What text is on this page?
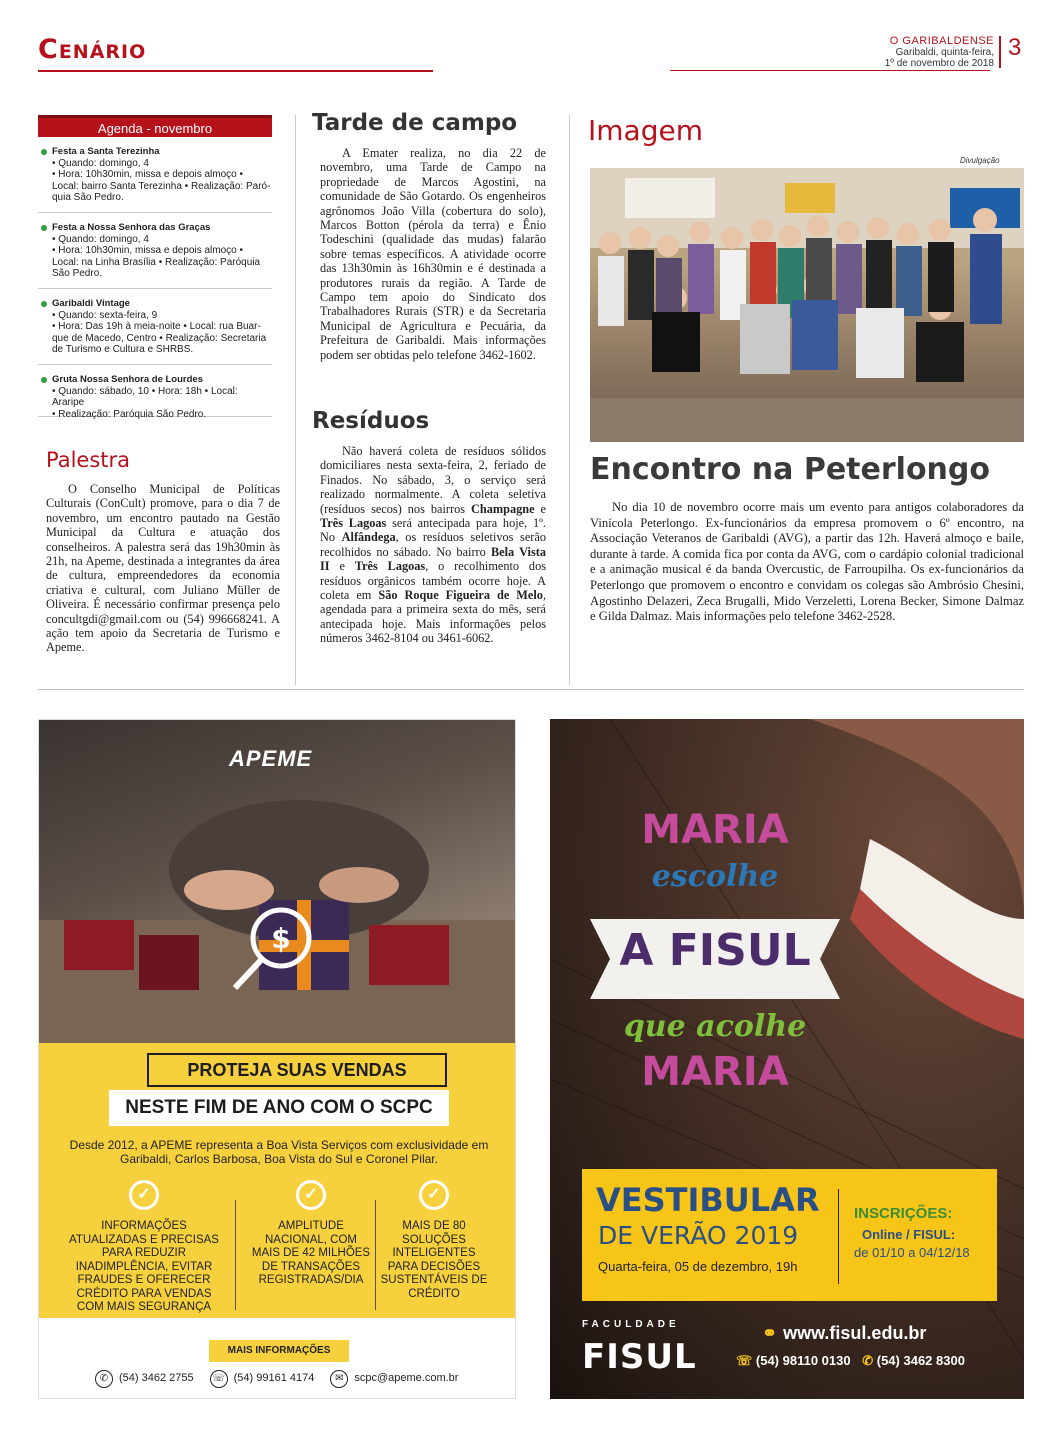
Cenário	O GARIBALDENSE
Garibaldi, quinta-feira,
1º de novembro de 2018
3
Agenda - novembro
Festa a Santa Terezinha
• Quando: domingo, 4
• Hora: 10h30min, missa e depois almoço •
Local: bairro Santa Terezinha • Realização: Paró-
quia São Pedro.
Festa a Nossa Senhora das Graças
• Quando: domingo, 4
• Hora: 10h30min, missa e depois almoço •
Local: na Linha Brasília • Realização: Paróquia
São Pedro.
Garibaldi Vintage
• Quando: sexta-feira, 9
• Hora: Das 19h à meia-noite • Local: rua Buar-
que de Macedo, Centro • Realização: Secretaria
de Turismo e Cultura e SHRBS.
Gruta Nossa Senhora de Lourdes
• Quando: sábado, 10 • Hora: 18h • Local: Araripe
• Realização: Paróquia São Pedro.
Palestra

O Conselho Municipal de Políticas Culturais (ConCult) promove, para o dia 7 de novembro, um encontro pautado na Gestão Municipal da Cultura e atuação dos conselheiros. A palestra será das 19h30min às 21h, na Apeme, destinada a integrantes da área de cultura, empreendedores da economia criativa e cultural, com Juliano Müller de Oliveira. É necessário confirmar presença pelo concultgdi@gmail.com ou (54) 996668241. A ação tem apoio da Secretaria de Turismo e Apeme.

Tarde de campo

A Emater realiza, no dia 22 de novembro, uma Tarde de Campo na propriedade de Marcos Agostini, na comunidade de São Gotardo. Os engenheiros agrônomos João Villa (cobertura do solo), Marcos Botton (pérola da terra) e Ênio Todeschini (qualidade das mudas) falarão sobre temas específicos. A atividade ocorre das 13h30min às 16h30min e é destinada a produtores rurais da região. A Tarde de Campo tem apoio do Sindicato dos Trabalhadores Rurais (STR) e da Secretaria Municipal de Agricultura e Pecuária, da Prefeitura de Garibaldi. Mais informações podem ser obtidas pelo telefone 3462-1602.

Resíduos

Não haverá coleta de resíduos sólidos domiciliares nesta sexta-feira, 2, feriado de Finados. No sábado, 3, o serviço será realizado normalmente. A coleta seletiva (resíduos secos) nos bairros Champagne e Três Lagoas será antecipada para hoje, 1º. No Alfândega, os resíduos seletivos serão recolhidos no sábado. No bairro Bela Vista II e Três Lagoas, o recolhimento dos resíduos orgânicos também ocorre hoje. A coleta em São Roque Figueira de Melo, agendada para a primeira sexta do mês, será antecipada hoje. Mais informações pelos números 3462-8104 ou 3461-6062.

Imagem
Divulgação
Encontro na Peterlongo

No dia 10 de novembro ocorre mais um evento para antigos colaboradores da Vinícola Peterlongo. Ex-funcionários da empresa promovem o 6º encontro, na Associação Veteranos de Garibaldi (AVG), a partir das 12h. Haverá almoço e baile, durante à tarde. A comida fica por conta da AVG, com o cardápio colonial tradicional e a animação musical é da banda Overcustic, de Farroupilha. Os ex-funcionários da Peterlongo que promovem o encontro e convidam os colegas são Ambrósio Chesini, Agostinho Delazeri, Zeca Brugalli, Mido Verzeletti, Lorena Becker, Simone Dalmaz e Gilda Dalmaz. Mais informações pelo telefone 3462-2528.

$
APEME
PROTEJA SUAS VENDAS
NESTE FIM DE ANO COM O SCPC
Desde 2012, a APEME representa a Boa Vista Serviços com exclusividade em Garibaldi, Carlos Barbosa, Boa Vista do Sul e Coronel Pilar.
✓
INFORMAÇÕES ATUALIZADAS E PRECISAS PARA REDUZIR INADIMPLÊNCIA, EVITAR FRAUDES E OFERECER CRÉDITO PARA VENDAS COM MAIS SEGURANÇA
✓
AMPLITUDE NACIONAL, COM MAIS DE 42 MILHÕES DE TRANSAÇÕES REGISTRADAS/DIA
✓
MAIS DE 80 SOLUÇÕES INTELIGENTES PARA DECISÕES SUSTENTÁVEIS DE CRÉDITO
MAIS INFORMAÇÕES
✆ (54) 3462 2755 ☏ (54) 99161 4174	✉ scpc@apeme.com.br
MARIA
escolhe
A FISUL
que acolhe
MARIA
VESTIBULAR
DE VERÃO 2019
Quarta-feira, 05 de dezembro, 19h
INSCRIÇÕES:
Online / FISUL:
de 01/10 a 04/12/18
FACULDADE
FISUL
⚭ www.fisul.edu.br
☏ (54) 98110 0130 ✆ (54) 3462 8300
